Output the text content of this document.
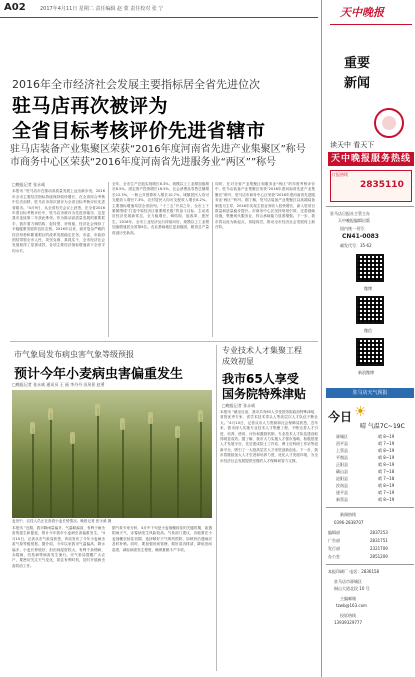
A02	2017年4月11日 星期二 责任编辑 赵 蒙 责任校对 张 宁
2016年全市经济社会发展主要指标居全省先进位次
驻马店再次被评为
全省目标考核评价先进省辖市
驻马店装备产业集聚区荣获“2016年度河南省先进产业集聚区”称号
市商务中心区荣获“2016年度河南省先进服务业“两区””称号
□晚报记者 张永威
本报讯 “驻马店市在推动高质量发展上迈出新步伐，2016年全市主要经济指标持续保持较快增长，在全省综合考核中位次前移，驻马店市再次被评为全省目标考核评价先进省辖市。”4月9日，从全省有关会议上获悉，在全省2016年度目标考核评价中，驻马店市被评为先进省辖市，这是我市连续第二年获此殊荣。作为推动高质量发展的重要抓手，我市着力调结构、促转型、补短板，经济社会保持了平稳健康发展的良好态势。2016年以来，面对复杂严峻的经济形势和繁重艰巨的改革发展稳定任务，市委、市政府团结带领全市人民，攻坚克难、真抓实干，全市经济社会发展取得了显著成效，各项主要经济指标增速高于全省平均水平。
全年，全市生产总值实现增长8.3%，规模以上工业增加值增长8.5%，固定资产投资增长16.5%，社会消费品零售总额增长12.3%，一般公共预算收入增长10.7%，城镇居民人均可支配收入增长7.3%，农村居民人均可支配收入增长8.2%。主要指标增速均居全省前列。“十三五”开局之年，全市上下紧紧围绕“打造中原经济区重要增长极”的奋斗目标，主动适应经济发展新常态，全力稳增长、调结构、促改革、惠民生。2016年，全市工业经济运行持续向好，规模以上工业增加值增速居全省第4位。农业基础地位更加稳固，粮食总产量再创历史新高。
同时，在对全省产业集聚区和服务业“两区”的年度考核评价中，驻马店装备产业集聚区荣获“2016年度河南省先进产业集聚区”称号，驻马店市商务中心区荣获“2016年度河南省先进服务业‘两区’”称号。据了解，驻马店装备产业集聚区以高端装备制造为主导，2016年实现主营业务收入较快增长，新入驻项目数量和质量稳步提升。市商务中心区坚持规划引领，完善基础设施，集聚现代服务业，综合承载能力显著增强。下一步，我市将以此为新起点，再接再厉，推动全市经济社会发展再上新台阶。
市气象局发布病虫害气象等级预报
预计今年小麦病虫害偏重发生
□晚报记者 张永威 通讯员 王 丽 李丹丹 田风景 赵勇
麦田中，农技人员正在查看小麦长势情况。晚报记者 张永威 摄
本报讯 “近期，我市降雨量偏多，气温略偏高，有利于病虫害的滋生和蔓延，预计今年我市小麦病虫害偏重发生。”4月10日，记者从市气象局获悉，该局发布了今年小麦病虫害气象等级预报。据介绍，今年以来我市气温偏高，降水偏多，小麦长势较好，但田间湿度较大，有利于条锈病、赤霉病、纹枯病等病害发生流行。市气象局提醒广大农户，要密切关注天气变化，抓住有利时机，及时开展病虫害防治工作。
据气象专家分析，4月中下旬是小麦抽穗扬花的关键时期，如遇阴雨天气，赤霉病发生风险较高。气象部门建议，各地要在小麦抽穗至扬花初期，选择晴好天气喷药预防，如喷药后遇雨应及时补喷。同时，要加强田间管理，做好清沟排渍，降低田间湿度，减轻病害发生程度，确保夏粮丰产丰收。
专业技术人才集聚工程
成效初显
我市65人享受
国务院特殊津贴
□晚报记者 张永威
本报讯 “截至目前，我市共有65人享受国务院政府特殊津贴，省管优秀专家、省学术技术带头人等高层次人才队伍不断壮大。”4月10日，记者从市人力资源和社会保障局获悉，近年来，我市深入实施专业技术人才集聚工程，不断完善人才引进、培养、使用、评价和激励机制，专业技术人才队伍建设取得明显成效。据了解，我市大力实施人才强市战略，积极搭建人才发展平台，先后建成院士工作站、博士后科研工作站等创新平台，吸引了一大批高层次人才来驻创新创业。下一步，我市将继续加大人才引进和培养力度，优化人才发展环境，为全市经济社会发展提供坚强的人才保障和智力支撑。
天中晚报
重要
新闻
读天中 看天下
天中晚报服务热线
订报热线
2835110
驻马店日报社主管主办
天中晚报编辑出版
国内统一刊号：
CN41-0083
邮发代号：35-62
微博
微信
新浪微博
驻马店天气预报
今日 ☀
晴 气温7C~19C
驿城区	晴 8~19
西平县	晴 7~19
上蔡县	晴 8~19
平舆县	晴 8~19
正阳县	晴 8~19
确山县	晴 7~18
泌阳县	晴 7~18
汝南县	晴 8~19
遂平县	晴 7~19
新蔡县	晴 8~19
新闻热线
0396-2838707
编辑部	2837253
广告部	2831751
发行部	2321709
办公室	2851209
本报印刷厂 电话：2836158
驻马店市驿城区
铜山大道北段 10 号
主编邮箱
tzwb@163.com
投诉热线
13939329777
